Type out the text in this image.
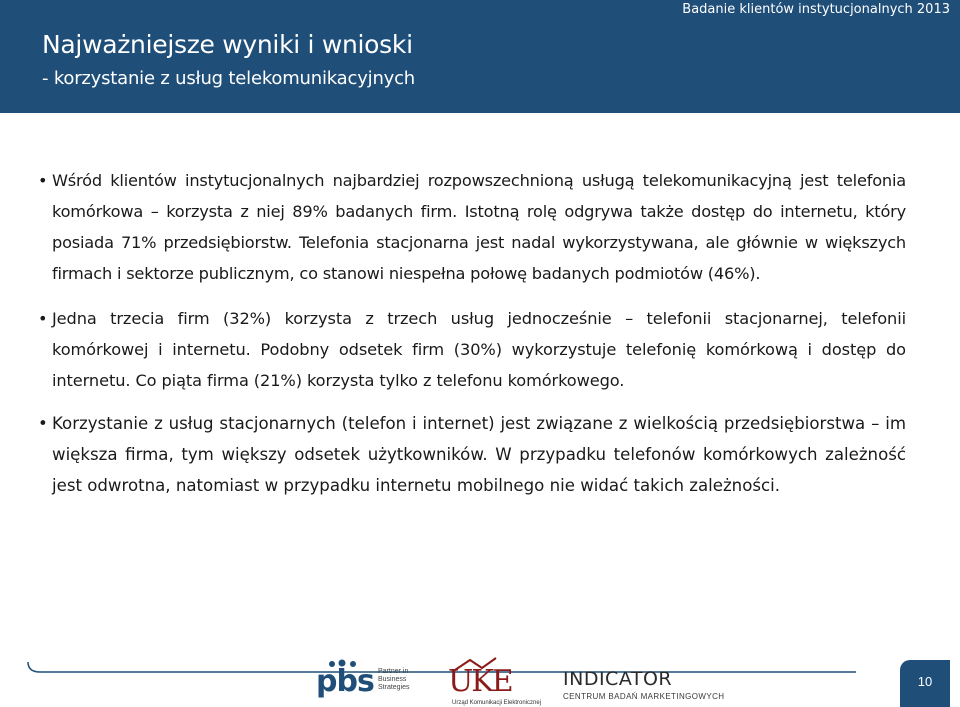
Badanie klientów instytucjonalnych 2013
Najważniejsze wyniki i wnioski
- korzystanie z usług telekomunikacyjnych
• Wśród klientów instytucjonalnych najbardziej rozpowszechnioną usługą telekomunikacyjną jest telefonia komórkowa – korzysta z niej 89% badanych firm. Istotną rolę odgrywa także dostęp do internetu, który posiada 71% przedsiębiorstw. Telefonia stacjonarna jest nadal wykorzystywana, ale głównie w większych firmach i sektorze publicznym, co stanowi niespełna połowę badanych podmiotów (46%).
• Jedna trzecia firm (32%) korzysta z trzech usług jednocześnie – telefonii stacjonarnej, telefonii komórkowej i internetu. Podobny odsetek firm (30%) wykorzystuje telefonię komórkową i dostęp do internetu. Co piąta firma (21%) korzysta tylko z telefonu komórkowego.
• Korzystanie z usług stacjonarnych (telefon i internet) jest związane z wielkością przedsiębiorstwa – im większa firma, tym większy odsetek użytkowników. W przypadku telefonów komórkowych zależność jest odwrotna, natomiast w przypadku internetu mobilnego nie widać takich zależności.
pbs Partner in Business Strategies	UKE
Urząd Komunikacji Elektronicznej
INDICATOR
CENTRUM BADAŃ MARKETINGOWYCH
10
